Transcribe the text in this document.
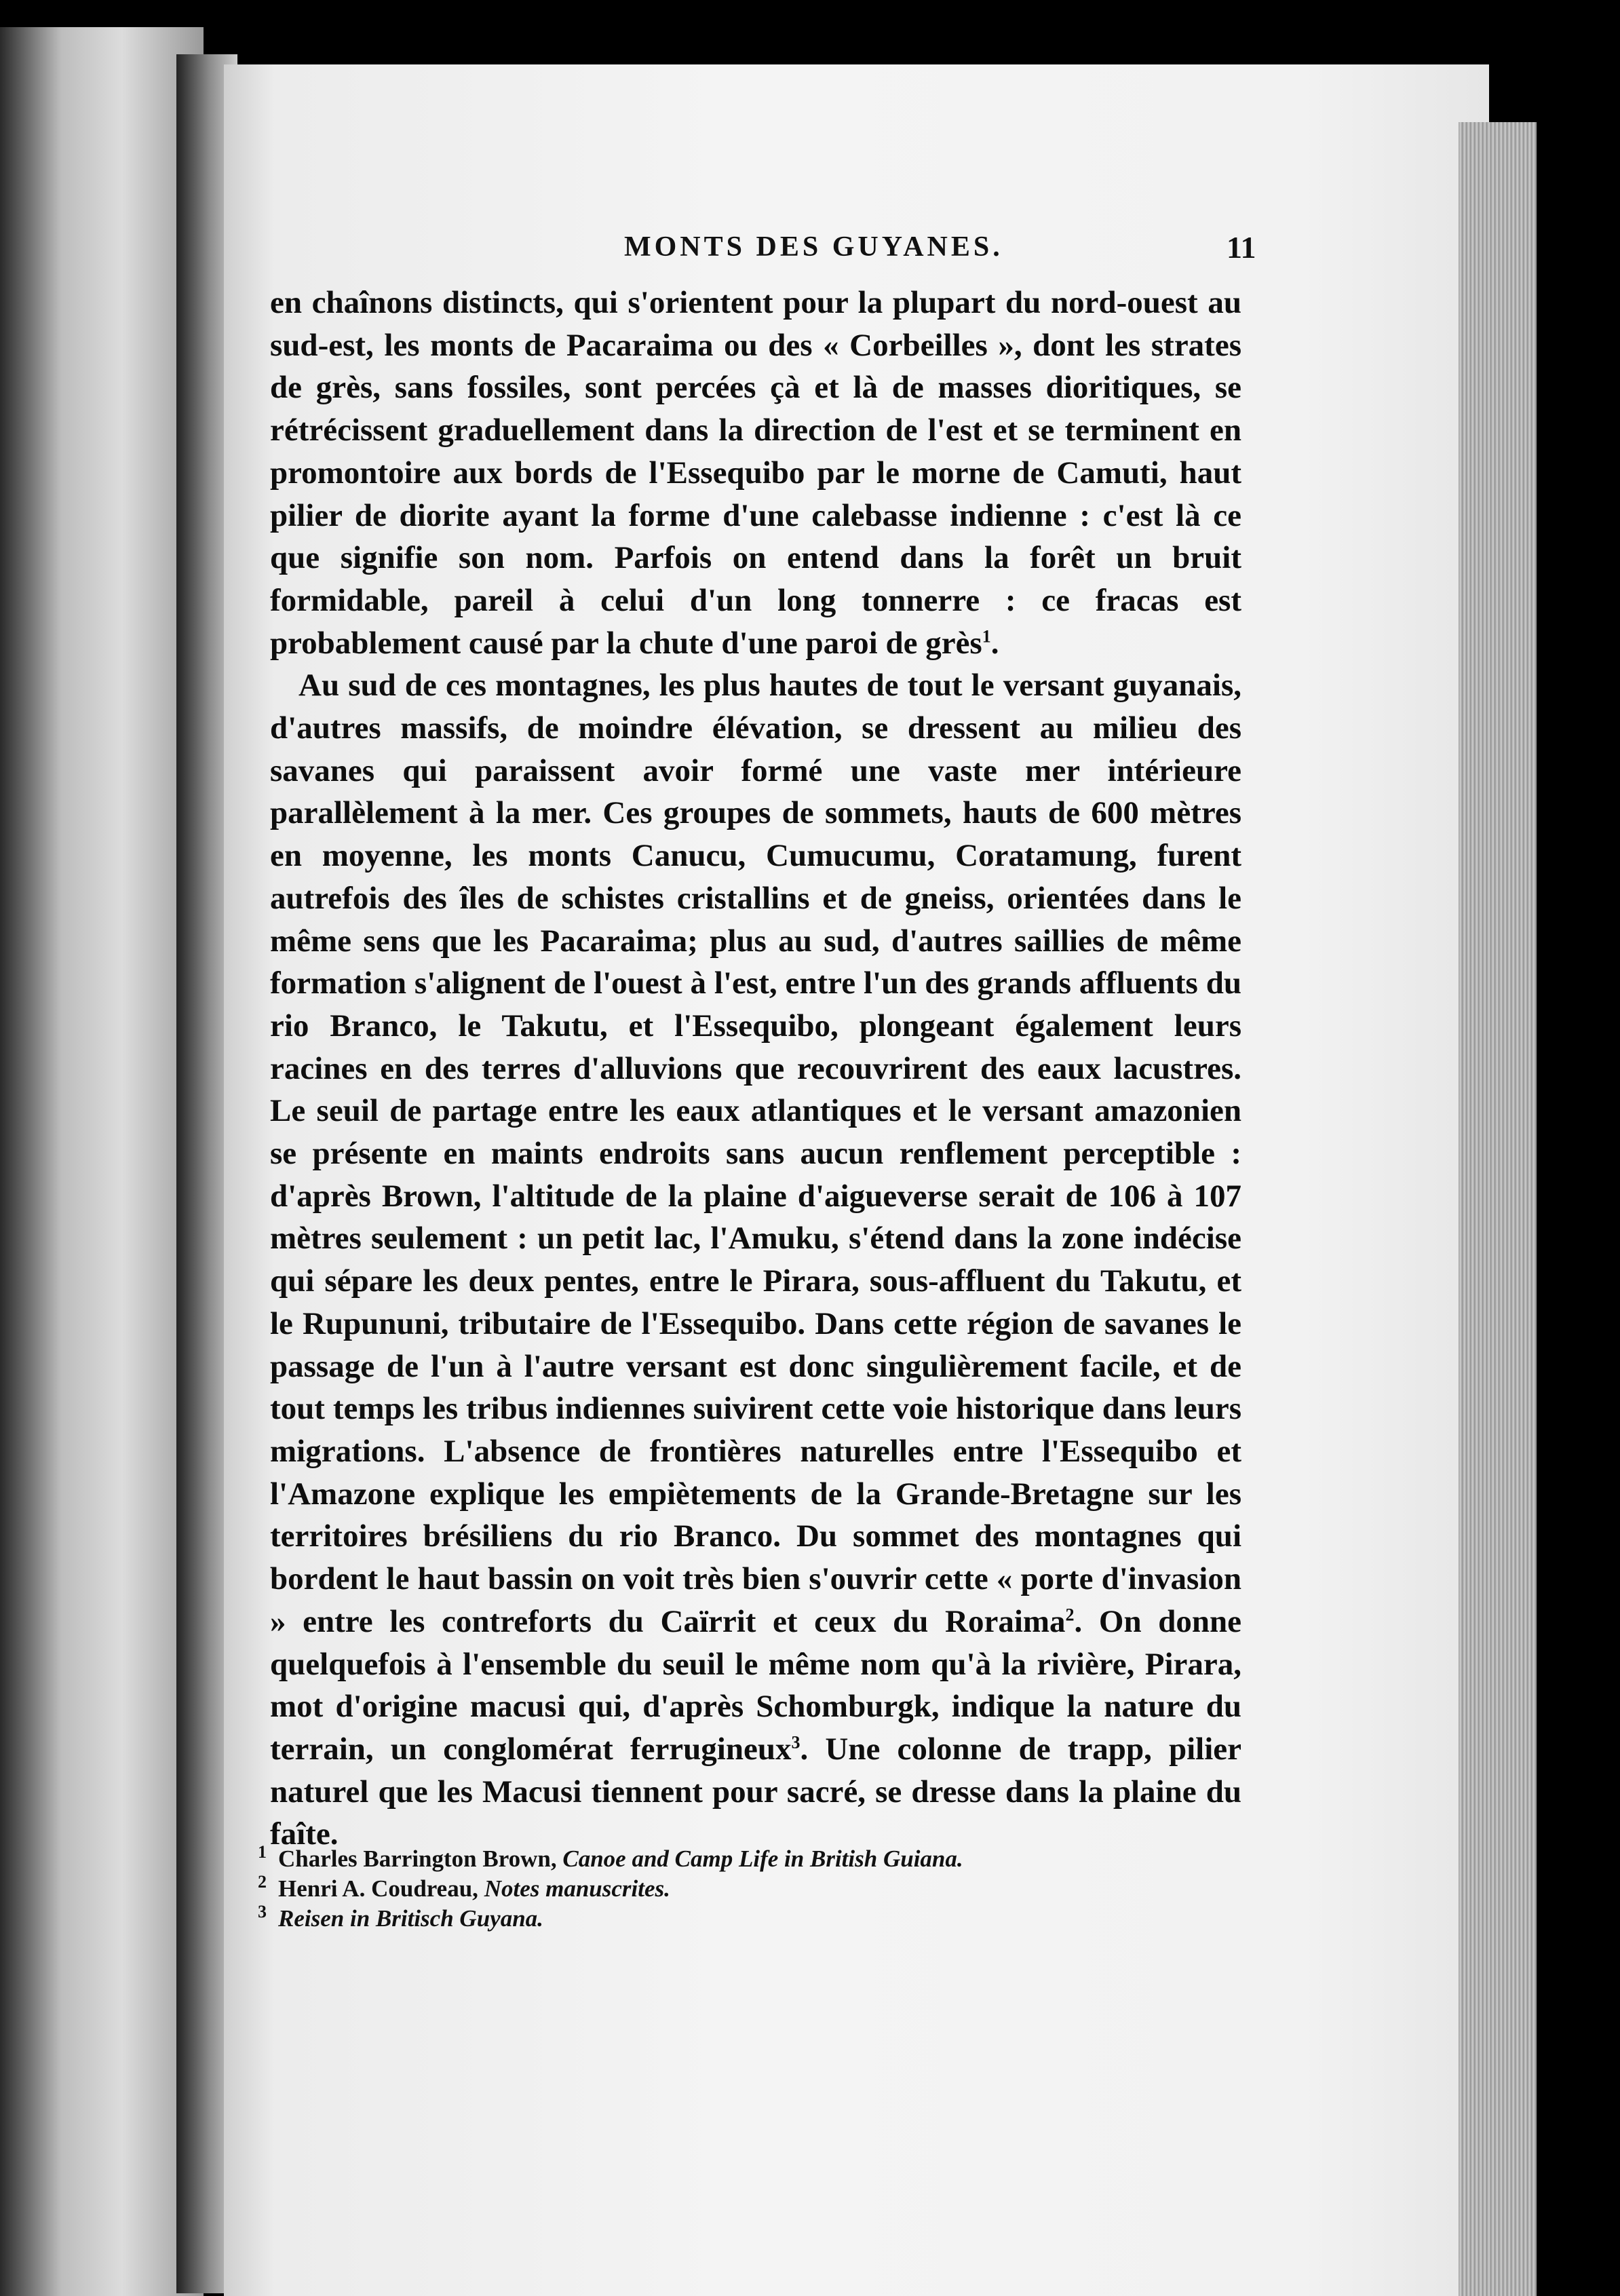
MONTS DES GUYANES.	11

en chaînons distincts, qui s'orientent pour la plupart du nord-ouest au sud-est, les monts de Pacaraima ou des « Corbeilles », dont les strates de grès, sans fossiles, sont percées çà et là de masses dioritiques, se rétrécissent graduellement dans la direction de l'est et se terminent en promontoire aux bords de l'Essequibo par le morne de Camuti, haut pilier de diorite ayant la forme d'une calebasse indienne : c'est là ce que signifie son nom. Parfois on entend dans la forêt un bruit formidable, pareil à celui d'un long tonnerre : ce fracas est probablement causé par la chute d'une paroi de grès$^1$.

Au sud de ces montagnes, les plus hautes de tout le versant guyanais, d'autres massifs, de moindre élévation, se dressent au milieu des savanes qui paraissent avoir formé une vaste mer intérieure parallèlement à la mer. Ces groupes de sommets, hauts de 600 mètres en moyenne, les monts Canucu, Cumucumu, Coratamung, furent autrefois des îles de schistes cristallins et de gneiss, orientées dans le même sens que les Pacaraima; plus au sud, d'autres saillies de même formation s'alignent de l'ouest à l'est, entre l'un des grands affluents du rio Branco, le Takutu, et l'Essequibo, plongeant également leurs racines en des terres d'alluvions que recouvrirent des eaux lacustres. Le seuil de partage entre les eaux atlantiques et le versant amazonien se présente en maints endroits sans aucun renflement perceptible : d'après Brown, l'altitude de la plaine d'aigueverse serait de 106 à 107 mètres seulement : un petit lac, l'Amuku, s'étend dans la zone indécise qui sépare les deux pentes, entre le Pirara, sous-affluent du Takutu, et le Rupununi, tributaire de l'Essequibo. Dans cette région de savanes le passage de l'un à l'autre versant est donc singulièrement facile, et de tout temps les tribus indiennes suivirent cette voie historique dans leurs migrations. L'absence de frontières naturelles entre l'Essequibo et l'Amazone explique les empiètements de la Grande-Bretagne sur les territoires brésiliens du rio Branco. Du sommet des montagnes qui bordent le haut bassin on voit très bien s'ouvrir cette « porte d'invasion » entre les contreforts du Caïrrit et ceux du Roraima$^2$. On donne quelquefois à l'ensemble du seuil le même nom qu'à la rivière, Pirara, mot d'origine macusi qui, d'après Schomburgk, indique la nature du terrain, un conglomérat ferrugineux$^3$. Une colonne de trapp, pilier naturel que les Macusi tiennent pour sacré, se dresse dans la plaine du faîte.

$^1$ Charles Barrington Brown, Canoe and Camp Life in British Guiana.

$^2$ Henri A. Coudreau, Notes manuscrites.

$^3$ Reisen in Britisch Guyana.
